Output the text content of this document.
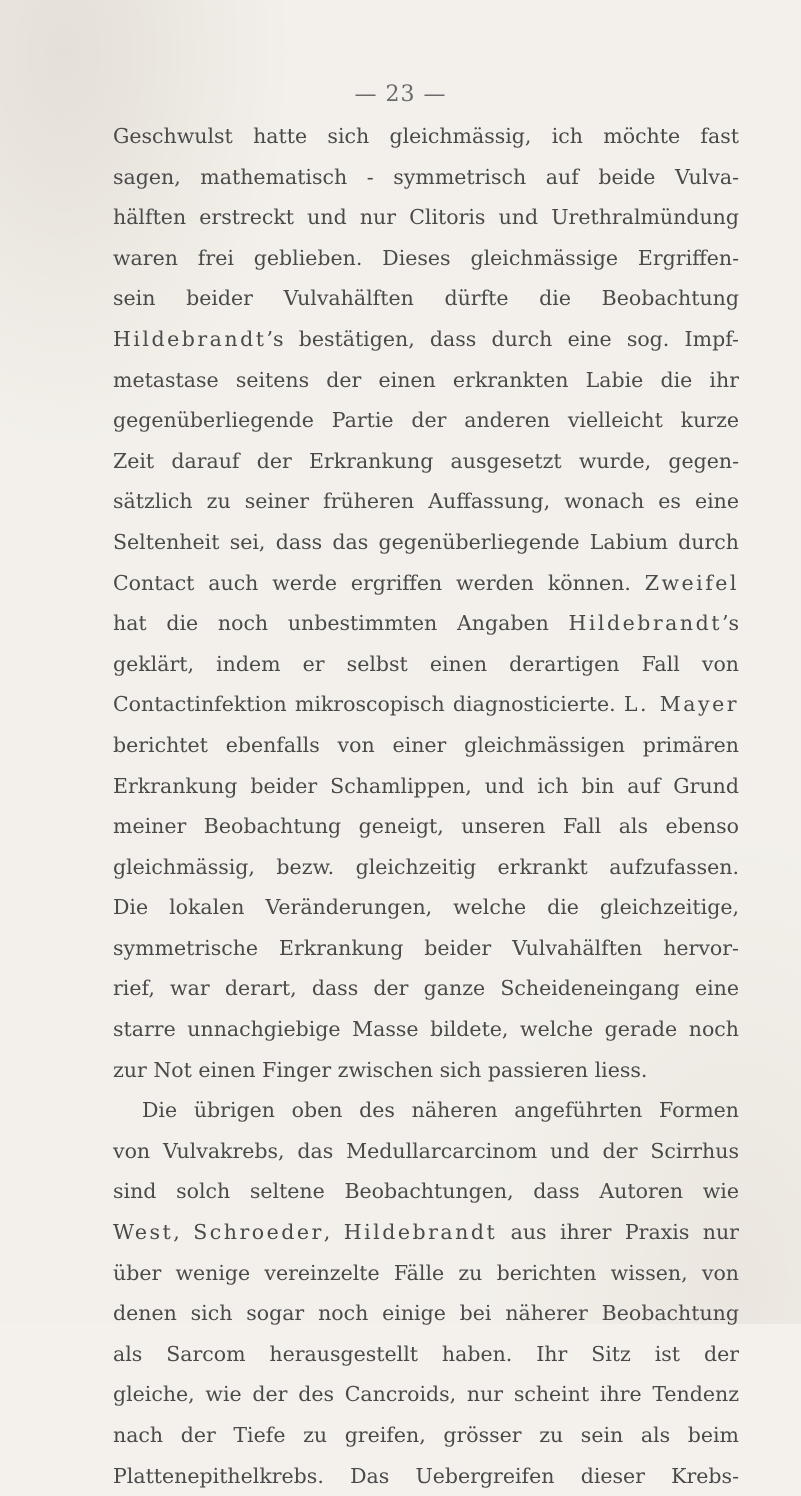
— 23 —
Geschwulst hatte sich gleichmässig, ich möchte fast
sagen, mathematisch - symmetrisch auf beide Vulva-
hälften erstreckt und nur Clitoris und Urethralmündung
waren frei geblieben. Dieses gleichmässige Ergriffen-
sein beider Vulvahälften dürfte die Beobachtung
Hildebrandt’s bestätigen, dass durch eine sog. Impf-
metastase seitens der einen erkrankten Labie die ihr
gegenüberliegende Partie der anderen vielleicht kurze
Zeit darauf der Erkrankung ausgesetzt wurde, gegen-
sätzlich zu seiner früheren Auffassung, wonach es eine
Seltenheit sei, dass das gegenüberliegende Labium durch
Contact auch werde ergriffen werden können. Zweifel
hat die noch unbestimmten Angaben Hildebrandt’s
geklärt, indem er selbst einen derartigen Fall von
Contactinfektion mikroscopisch diagnosticierte. L. Mayer
berichtet ebenfalls von einer gleichmässigen primären
Erkrankung beider Schamlippen, und ich bin auf Grund
meiner Beobachtung geneigt, unseren Fall als ebenso
gleichmässig, bezw. gleichzeitig erkrankt aufzufassen.
Die lokalen Veränderungen, welche die gleichzeitige,
symmetrische Erkrankung beider Vulvahälften hervor-
rief, war derart, dass der ganze Scheideneingang eine
starre unnachgiebige Masse bildete, welche gerade noch
zur Not einen Finger zwischen sich passieren liess.
Die übrigen oben des näheren angeführten Formen
von Vulvakrebs, das Medullarcarcinom und der Scirrhus
sind solch seltene Beobachtungen, dass Autoren wie
West, Schroeder, Hildebrandt aus ihrer Praxis nur
über wenige vereinzelte Fälle zu berichten wissen, von
denen sich sogar noch einige bei näherer Beobachtung
als Sarcom herausgestellt haben. Ihr Sitz ist der
gleiche, wie der des Cancroids, nur scheint ihre Tendenz
nach der Tiefe zu greifen, grösser zu sein als beim
Plattenepithelkrebs. Das Uebergreifen dieser Krebs-
